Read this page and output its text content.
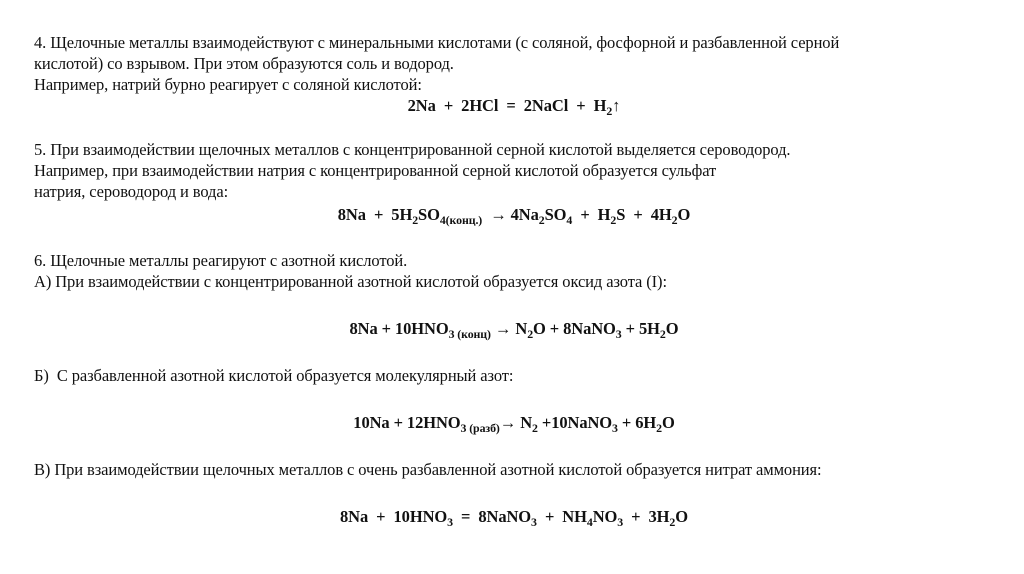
4. Щелочные металлы взаимодействуют с минеральными кислотами (с соляной, фосфорной и разбавленной серной
кислотой) со взрывом. При этом образуются соль и водород.
Например, натрий бурно реагирует с соляной кислотой:
2Na  +  2HCl  =  2NaCl  +  $H_2↑$
5. При взаимодействии щелочных металлов с концентрированной серной кислотой выделяется сероводород.
Например, при взаимодействии натрия с концентрированной серной кислотой образуется сульфат
натрия, сероводород и вода:
$8Na + 5H_2SO_{4(конц.)} \to 4Na_2SO_4 + H_2S + 4H_2O$
6. Щелочные металлы реагируют с азотной кислотой.
А) При взаимодействии с концентрированной азотной кислотой образуется оксид азота (I):
$8Na + 10HNO_{3 (конц)} \to N_2O$ + 8NaNO$_3$ + $5H_2O$
Б)  С разбавленной азотной кислотой образуется молекулярный азот:
$10Na + 12HNO_{3 (разб)}\to N_2$ +10NaNO$_3$ + $6H_2O$
В) При взаимодействии щелочных металлов с очень разбавленной азотной кислотой образуется нитрат аммония:
$8Na + 10HNO_3$  =  8NaNO$_3$  +  $NH_4NO_3 + 3H_2O$
